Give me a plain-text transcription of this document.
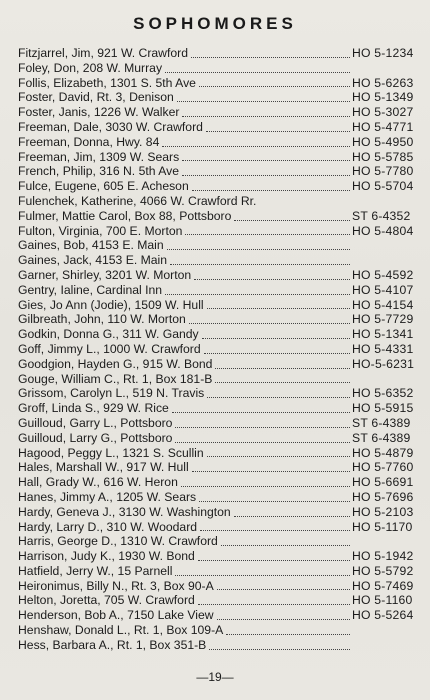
SOPHOMORES
Fitzjarrel, Jim, 921 W. Crawford	HO 5-1234
Foley, Don, 208 W. Murray
Follis, Elizabeth, 1301 S. 5th Ave	HO 5-6263
Foster, David, Rt. 3, Denison	HO 5-1349
Foster, Janis, 1226 W. Walker	HO 5-3027
Freeman, Dale, 3030 W. Crawford	HO 5-4771
Freeman, Donna, Hwy. 84	HO 5-4950
Freeman, Jim, 1309 W. Sears	HO 5-5785
French, Philip, 316 N. 5th Ave	HO 5-7780
Fulce, Eugene, 605 E. Acheson	HO 5-5704
Fulenchek, Katherine, 4066 W. Crawford Rr.
Fulmer, Mattie Carol, Box 88, Pottsboro	ST 6-4352
Fulton, Virginia, 700 E. Morton	HO 5-4804
Gaines, Bob, 4153 E. Main
Gaines, Jack, 4153 E. Main
Garner, Shirley, 3201 W. Morton	HO 5-4592
Gentry, Ialine, Cardinal Inn	HO 5-4107
Gies, Jo Ann (Jodie), 1509 W. Hull	HO 5-4154
Gilbreath, John, 110 W. Morton	HO 5-7729
Godkin, Donna G., 311 W. Gandy	HO 5-1341
Goff, Jimmy L., 1000 W. Crawford	HO 5-4331
Goodgion, Hayden G., 915 W. Bond	HO-5-6231
Gouge, William C., Rt. 1, Box 181-B
Grissom, Carolyn L., 519 N. Travis	HO 5-6352
Groff, Linda S., 929 W. Rice	HO 5-5915
Guilloud, Garry L., Pottsboro	ST 6-4389
Guilloud, Larry G., Pottsboro	ST 6-4389
Hagood, Peggy L., 1321 S. Scullin	HO 5-4879
Hales, Marshall W., 917 W. Hull	HO 5-7760
Hall, Grady W., 616 W. Heron	HO 5-6691
Hanes, Jimmy A., 1205 W. Sears	HO 5-7696
Hardy, Geneva J., 3130 W. Washington	HO 5-2103
Hardy, Larry D., 310 W. Woodard	HO 5-1170
Harris, George D., 1310 W. Crawford
Harrison, Judy K., 1930 W. Bond	HO 5-1942
Hatfield, Jerry W., 15 Parnell	HO 5-5792
Heironimus, Billy N., Rt. 3, Box 90-A	HO 5-7469
Helton, Joretta, 705 W. Crawford	HO 5-1160
Henderson, Bob A., 7150 Lake View	HO 5-5264
Henshaw, Donald L., Rt. 1, Box 109-A
Hess, Barbara A., Rt. 1, Box 351-B
—19—
